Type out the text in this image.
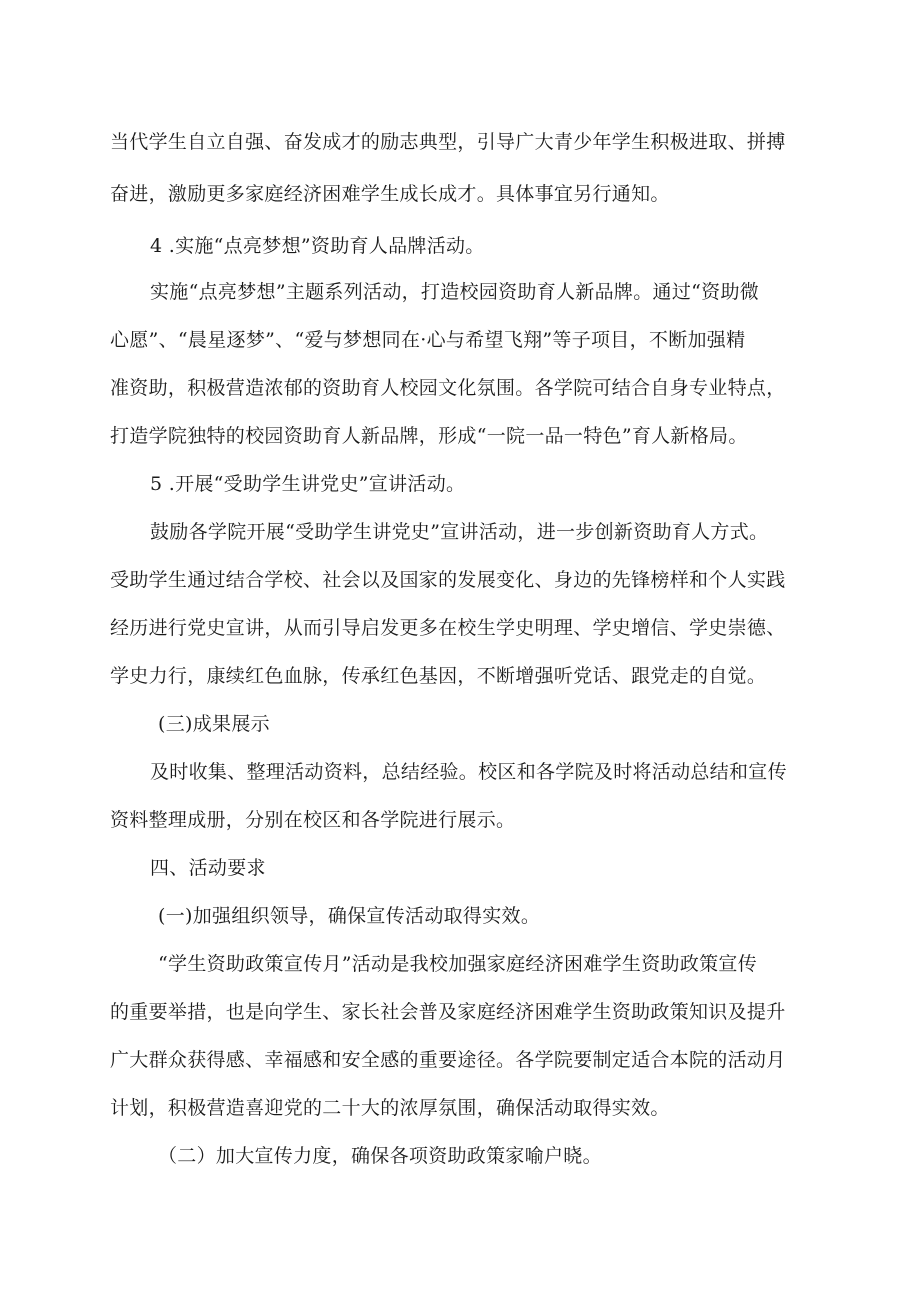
当代学生自立自强、奋发成才的励志典型，引导广大青少年学生积极进取、拼搏
奋进，激励更多家庭经济困难学生成长成才。具体事宜另行通知。
4 .实施“点亮梦想”资助育人品牌活动。
实施“点亮梦想”主题系列活动，打造校园资助育人新品牌。通过“资助微
心愿”、“晨星逐梦”、“爱与梦想同在·心与希望飞翔”等子项目，不断加强精
准资助，积极营造浓郁的资助育人校园文化氛围。各学院可结合自身专业特点，
打造学院独特的校园资助育人新品牌，形成“一院一品一特色”育人新格局。
5 .开展“受助学生讲党史”宣讲活动。
鼓励各学院开展“受助学生讲党史”宣讲活动，进一步创新资助育人方式。
受助学生通过结合学校、社会以及国家的发展变化、身边的先锋榜样和个人实践
经历进行党史宣讲，从而引导启发更多在校生学史明理、学史增信、学史崇德、
学史力行，康续红色血脉，传承红色基因，不断增强听党话、跟党走的自觉。
(三)成果展示
及时收集、整理活动资料，总结经验。校区和各学院及时将活动总结和宣传
资料整理成册，分别在校区和各学院进行展示。
四、活动要求
(一)加强组织领导，确保宣传活动取得实效。
“学生资助政策宣传月”活动是我校加强家庭经济困难学生资助政策宣传
的重要举措，也是向学生、家长社会普及家庭经济困难学生资助政策知识及提升
广大群众获得感、幸福感和安全感的重要途径。各学院要制定适合本院的活动月
计划，积极营造喜迎党的二十大的浓厚氛围，确保活动取得实效。
（二）加大宣传力度，确保各项资助政策家喻户晓。
